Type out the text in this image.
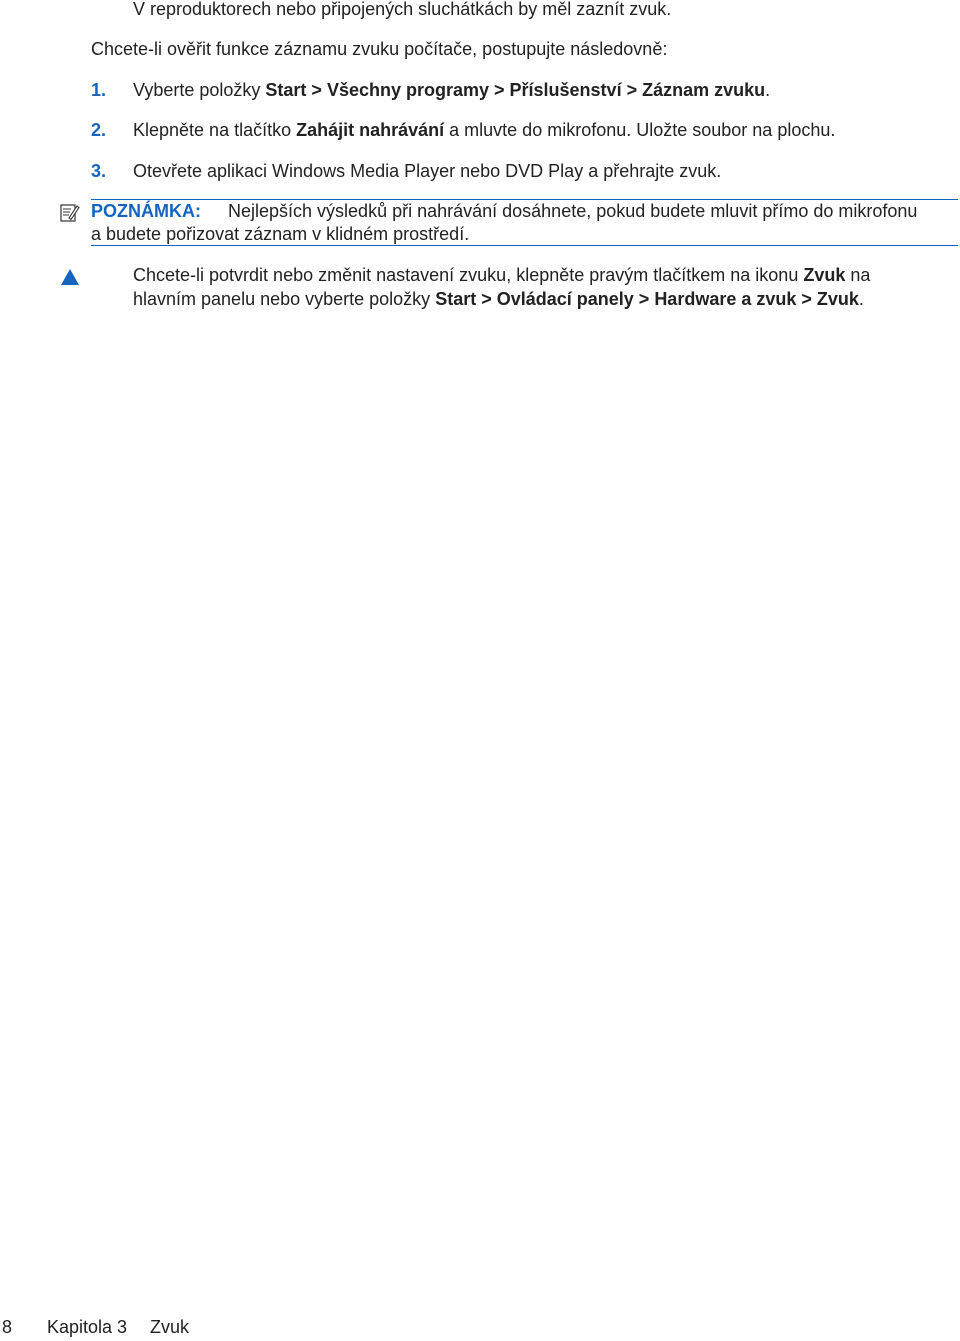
V reproduktorech nebo připojených sluchátkách by měl zaznít zvuk.
Chcete-li ověřit funkce záznamu zvuku počítače, postupujte následovně:
1. Vyberte položky Start > Všechny programy > Příslušenství > Záznam zvuku.
2. Klepněte na tlačítko Zahájit nahrávání a mluvte do mikrofonu. Uložte soubor na plochu.
3. Otevřete aplikaci Windows Media Player nebo DVD Play a přehrajte zvuk.
POZNÁMKA: Nejlepších výsledků při nahrávání dosáhnete, pokud budete mluvit přímo do mikrofonu
a budete pořizovat záznam v klidném prostředí.
Chcete-li potvrdit nebo změnit nastavení zvuku, klepněte pravým tlačítkem na ikonu Zvuk na
hlavním panelu nebo vyberte položky Start > Ovládací panely > Hardware a zvuk > Zvuk.
8 Kapitola 3 Zvuk
